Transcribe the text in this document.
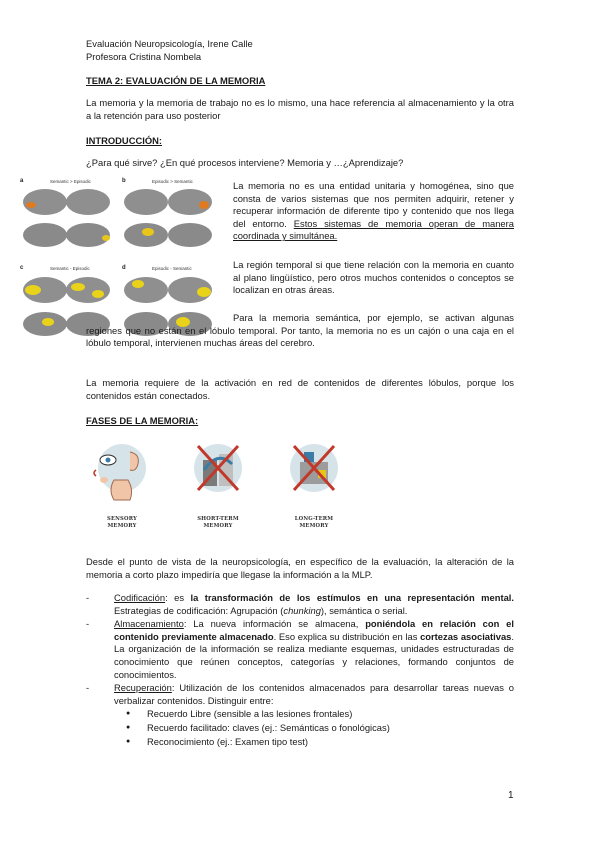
Evaluación Neuropsicología, Irene Calle

Profesora Cristina Nombela

TEMA 2: EVALUACIÓN DE LA MEMORIA

La memoria y la memoria de trabajo no es lo mismo, una hace referencia al almacenamiento y la otra a la retención para uso posterior

INTRODUCCIÓN:

¿Para qué sirve? ¿En qué procesos interviene? Memoria y …¿Aprendizaje?

a	Semantic > Episodic	b	Episodic > Semantic
c	Semantic - Episodic	d	Episodic - Semantic

La memoria no es una entidad unitaria y homogénea, sino que consta de varios sistemas que nos permiten adquirir, retener y recuperar información de diferente tipo y contenido que nos llega del entorno. Estos sistemas de memoria operan de manera coordinada y simultánea.

La región temporal si que tiene relación con la memoria en cuanto al plano lingüístico, pero otros muchos contenidos o conceptos se localizan en otras áreas.

Para la memoria semántica, por ejemplo, se activan algunas regiones que no están en el lóbulo temporal. Por tanto, la memoria no es un cajón o una caja en el lóbulo temporal, intervienen muchas áreas del cerebro.

La memoria requiere de la activación en red de contenidos de diferentes lóbulos, porque los contenidos están conectados.

FASES DE LA MEMORIA:
SENSORY
MEMORY
SHORT-TERM
MEMORY
LONG-TERM
MEMORY

Desde el punto de vista de la neuropsicología, en específico de la evaluación, la alteración de la memoria a corto plazo impediría que llegase la información a la MLP.

- Codificación: es la transformación de los estímulos en una representación mental. Estrategias de codificación: Agrupación (chunking), semántica o serial.
- Almacenamiento: La nueva información se almacena, poniéndola en relación con el contenido previamente almacenado. Eso explica su distribución en las cortezas asociativas. La organización de la información se realiza mediante esquemas, unidades estructuradas de conocimiento que reúnen conceptos, categorías y relaciones, formando conjuntos de conocimientos.
- Recuperación: Utilización de los contenidos almacenados para desarrollar tareas nuevas o verbalizar contenidos. Distinguir entre:
● Recuerdo Libre (sensible a las lesiones frontales)
● Recuerdo facilitado: claves (ej.: Semánticas o fonológicas)
● Reconocimiento (ej.: Examen tipo test)
1
